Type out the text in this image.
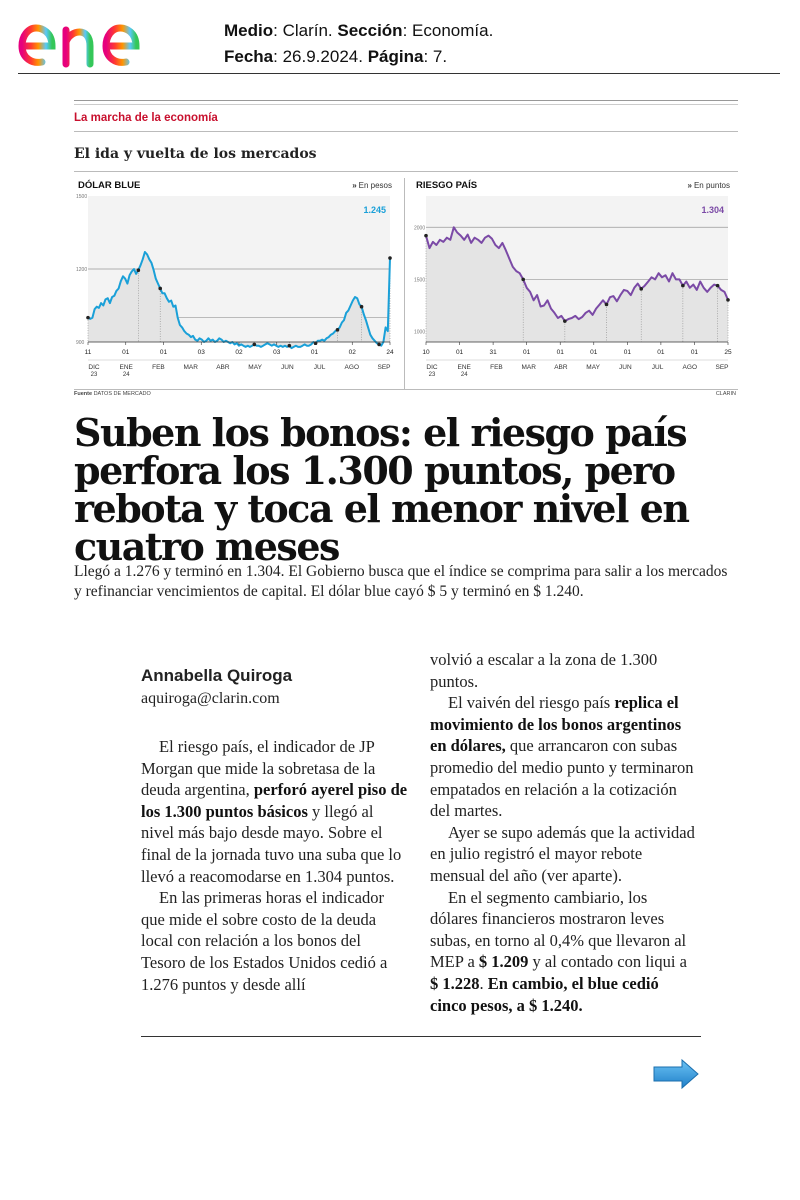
Medio: Clarín. Sección: Economía.
Fecha: 26.9.2024. Página: 7.
La marcha de la economía
El ida y vuelta de los mercados
1500
1200
900
1.245
11	01	01	03	02	03	01	02	24
DIC
23
ENE
24
FEB	MAR	ABR	MAY	JUN	JUL	AGO	SEP
DÓLAR BLUE	» En pesos
2000
1500
1000
1.304
10	01	31	01	01	01	01	01	01	25
DIC
23
ENE
24
FEB	MAR	ABR	MAY	JUN	JUL	AGO	SEP
RIESGO PAÍS	» En puntos
Fuente DATOS DE MERCADO	CLARIN
Suben los bonos: el riesgo país perfora los 1.300 puntos, pero rebota y toca el menor nivel en cuatro meses
Llegó a 1.276 y terminó en 1.304. El Gobierno busca que el índice se comprima para salir a los mercados y refinanciar vencimientos de capital. El dólar blue cayó $ 5 y terminó en $ 1.240.
Annabella Quiroga
aquiroga@clarin.com

El riesgo país, el indicador de JP Morgan que mide la sobretasa de la deuda argentina, perforó ayerel piso de los 1.300 puntos básicos y llegó al nivel más bajo desde mayo. Sobre el final de la jornada tuvo una suba que lo llevó a reacomodarse en 1.304 puntos.

En las primeras horas el indicador que mide el sobre costo de la deuda local con relación a los bonos del Tesoro de los Estados Unidos cedió a 1.276 puntos y desde allí

volvió a escalar a la zona de 1.300 puntos.

El vaivén del riesgo país replica el movimiento de los bonos argentinos en dólares, que arrancaron con subas promedio del medio punto y terminaron empatados en relación a la cotización del martes.

Ayer se supo además que la actividad en julio registró el mayor rebote mensual del año (ver aparte).

En el segmento cambiario, los dólares financieros mostraron leves subas, en torno al 0,4% que llevaron al MEP a $ 1.209 y al contado con liqui a $ 1.228. En cambio, el blue cedió cinco pesos, a $ 1.240.
